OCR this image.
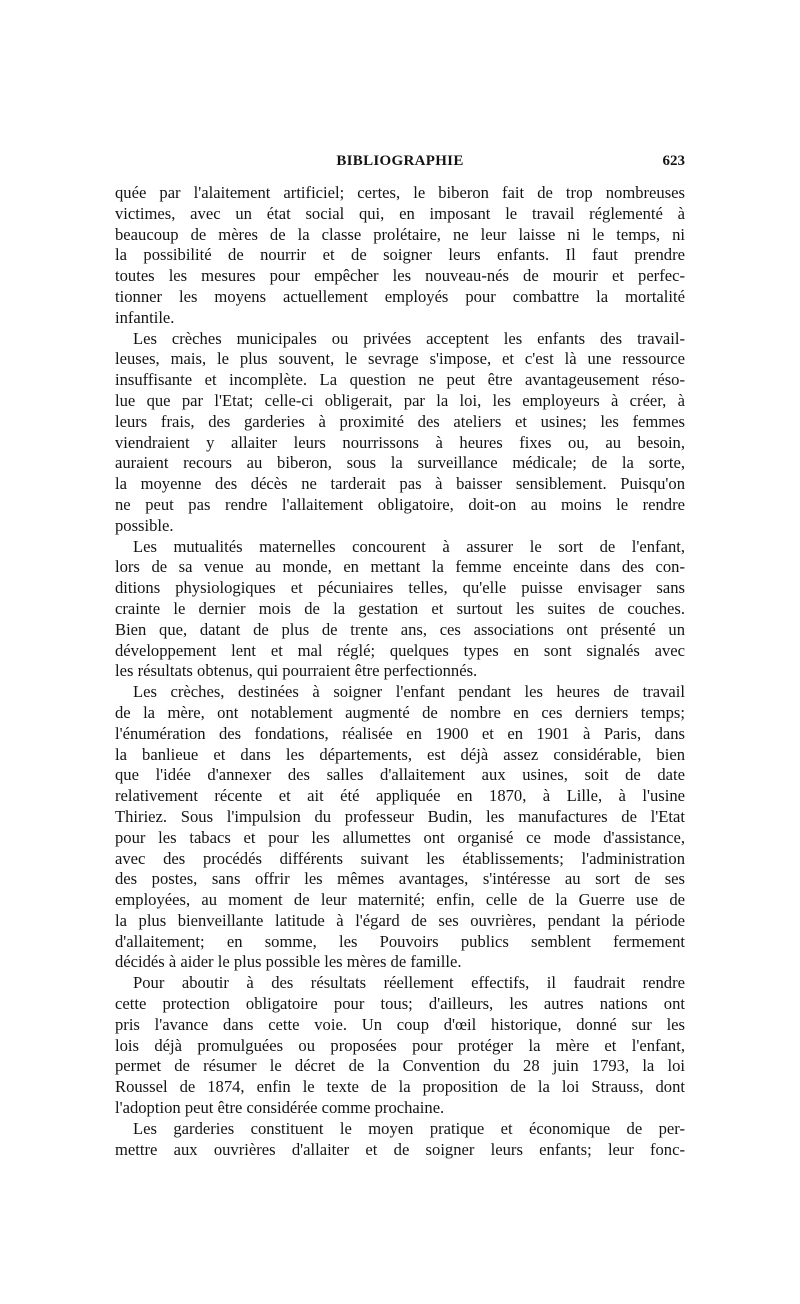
BIBLIOGRAPHIE	623

quée par l'alaitement artificiel; certes, le biberon fait de trop nombreuses
victimes, avec un état social qui, en imposant le travail réglementé à
beaucoup de mères de la classe prolétaire, ne leur laisse ni le temps, ni
la possibilité de nourrir et de soigner leurs enfants. Il faut prendre
toutes les mesures pour empêcher les nouveau-nés de mourir et perfec-
tionner les moyens actuellement employés pour combattre la mortalité
infantile.

Les crèches municipales ou privées acceptent les enfants des travail-
leuses, mais, le plus souvent, le sevrage s'impose, et c'est là une ressource
insuffisante et incomplète. La question ne peut être avantageusement réso-
lue que par l'Etat; celle-ci obligerait, par la loi, les employeurs à créer, à
leurs frais, des garderies à proximité des ateliers et usines; les femmes
viendraient y allaiter leurs nourrissons à heures fixes ou, au besoin,
auraient recours au biberon, sous la surveillance médicale; de la sorte,
la moyenne des décès ne tarderait pas à baisser sensiblement. Puisqu'on
ne peut pas rendre l'allaitement obligatoire, doit-on au moins le rendre
possible.

Les mutualités maternelles concourent à assurer le sort de l'enfant,
lors de sa venue au monde, en mettant la femme enceinte dans des con-
ditions physiologiques et pécuniaires telles, qu'elle puisse envisager sans
crainte le dernier mois de la gestation et surtout les suites de couches.
Bien que, datant de plus de trente ans, ces associations ont présenté un
développement lent et mal réglé; quelques types en sont signalés avec
les résultats obtenus, qui pourraient être perfectionnés.

Les crèches, destinées à soigner l'enfant pendant les heures de travail
de la mère, ont notablement augmenté de nombre en ces derniers temps;
l'énumération des fondations, réalisée en 1900 et en 1901 à Paris, dans
la banlieue et dans les départements, est déjà assez considérable, bien
que l'idée d'annexer des salles d'allaitement aux usines, soit de date
relativement récente et ait été appliquée en 1870, à Lille, à l'usine
Thiriez. Sous l'impulsion du professeur Budin, les manufactures de l'Etat
pour les tabacs et pour les allumettes ont organisé ce mode d'assistance,
avec des procédés différents suivant les établissements; l'administration
des postes, sans offrir les mêmes avantages, s'intéresse au sort de ses
employées, au moment de leur maternité; enfin, celle de la Guerre use de
la plus bienveillante latitude à l'égard de ses ouvrières, pendant la période
d'allaitement; en somme, les Pouvoirs publics semblent fermement
décidés à aider le plus possible les mères de famille.

Pour aboutir à des résultats réellement effectifs, il faudrait rendre
cette protection obligatoire pour tous; d'ailleurs, les autres nations ont
pris l'avance dans cette voie. Un coup d'œil historique, donné sur les
lois déjà promulguées ou proposées pour protéger la mère et l'enfant,
permet de résumer le décret de la Convention du 28 juin 1793, la loi
Roussel de 1874, enfin le texte de la proposition de la loi Strauss, dont
l'adoption peut être considérée comme prochaine.

Les garderies constituent le moyen pratique et économique de per-
mettre aux ouvrières d'allaiter et de soigner leurs enfants; leur fonc-
